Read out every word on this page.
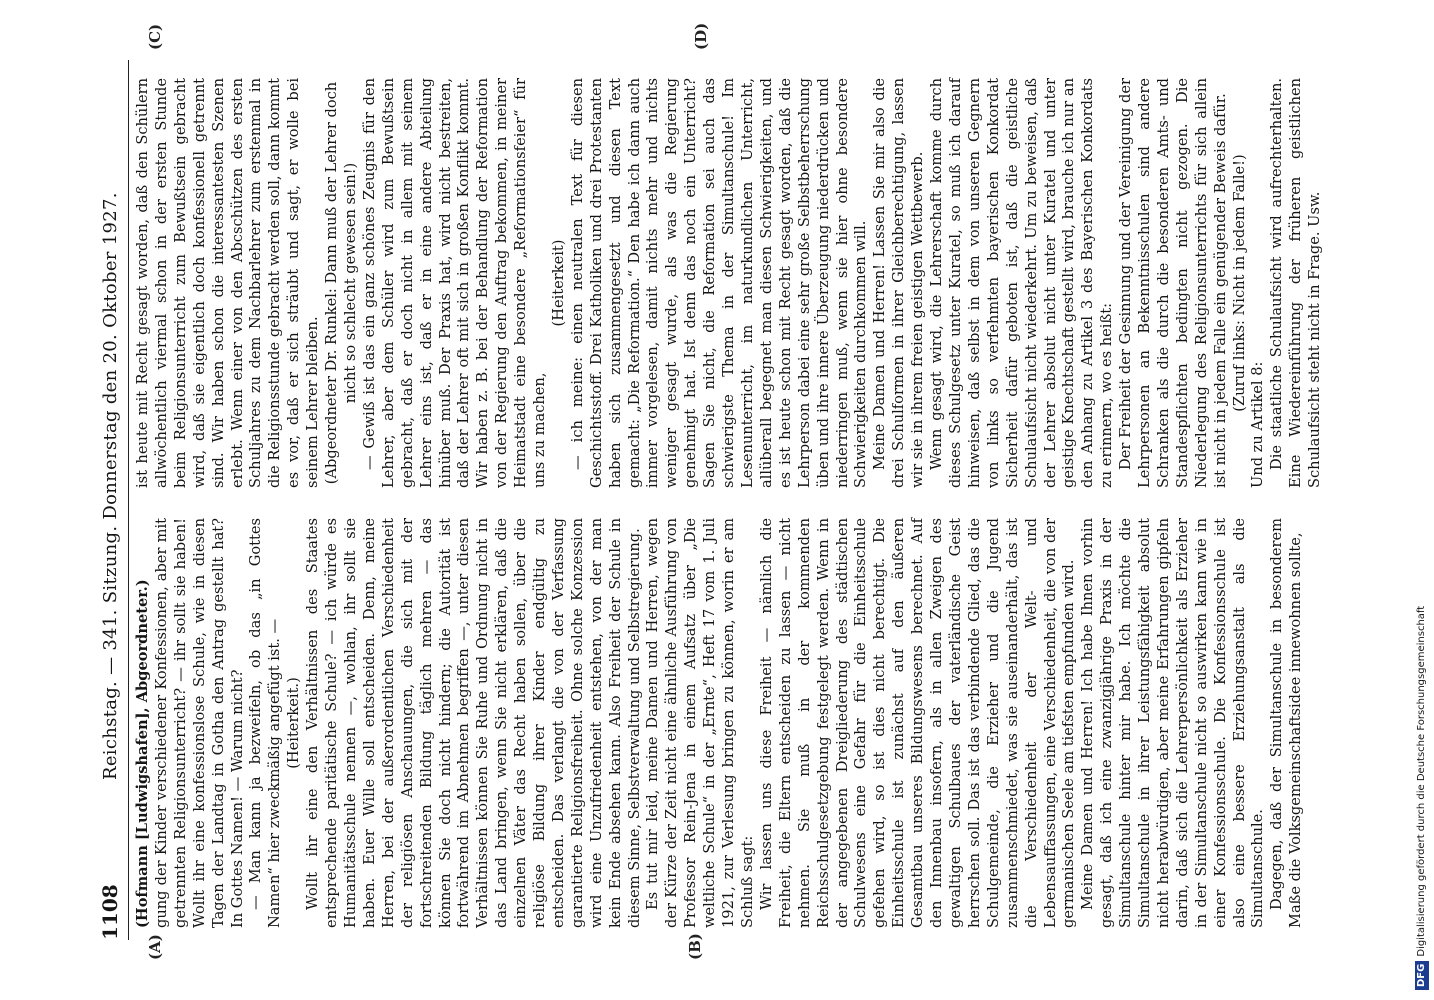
1108
Reichstag. — 341. Sitzung. Donnerstag den 20. Oktober 1927.
(A)	(B)
(C)	(D)

(Hofmann [Ludwigshafen], Abgeordneter.) gung der Kinder verschiedener Konfessionen, aber mit getrennten Religionsunterricht? — ihr sollt sie haben! Wollt ihr eine konfessionslose Schule, wie in diesen Tagen der Landtag in Gotha den Antrag gestellt hat? In Gottes Namen! — Warum nicht? — Man kann ja bezweifeln, ob das „in Gottes Namen“ hier zweckmäßig angefügt ist. — (Heiterkeit.) Wollt ihr eine den Verhältnissen des Staates entsprechende paritätische Schule? — ich würde es Humanitätsschule nennen —, wohlan, ihr sollt sie haben. Euer Wille soll entscheiden. Denn, meine Herren, bei der außerordentlichen Verschiedenheit der religiösen Anschauungen, die sich mit der fortschreitenden Bildung täglich mehren — das können Sie doch nicht hindern; die Autorität ist fortwährend im Abnehmen begriffen —, unter diesen Verhältnissen können Sie Ruhe und Ordnung nicht in das Land bringen, wenn Sie nicht erklären, daß die einzelnen Väter das Recht haben sollen, über die religiöse Bildung ihrer Kinder endgültig zu entscheiden. Das verlangt die von der Verfassung garantierte Religionsfreiheit. Ohne solche Konzession wird eine Unzufriedenheit entstehen, von der man kein Ende absehen kann. Also Freiheit der Schule in diesem Sinne, Selbstverwaltung und Selbstregierung. Es tut mir leid, meine Damen und Herren, wegen der Kürze der Zeit nicht eine ähnliche Ausführung von Professor Rein-Jena in einem Aufsatz über „Die weltliche Schule“ in der „Ernte“, Heft 17 vom 1. Juli 1921, zur Verlesung bringen zu können, worin er am Schluß sagt: Wir lassen uns diese Freiheit — nämlich die Freiheit, die Eltern entscheiden zu lassen — nicht nehmen. Sie muß in der kommenden Reichsschulgesetzgebung festgelegt werden. Wenn in der angegebenen Dreigliederung des städtischen Schulwesens eine Gefahr für die Einheitsschule gefehen wird, so ist dies nicht berechtigt. Die Einheitsschule ist zunächst auf den äußeren Gesamtbau unseres Bildungswesens berechnet. Auf den Innenbau insofern, als in allen Zweigen des gewaltigen Schulbaues der vaterländische Geist herrschen soll. Das ist das verbindende Glied, das die Schulgemeinde, die Erzieher und die Jugend zusammenschmiedet, was sie auseinanderhält, das ist die Verschiedenheit der Welt- und Lebensauffassungen, eine Verschiedenheit, die von der germanischen Seele am tiefsten empfunden wird. Meine Damen und Herren! Ich habe Ihnen vorhin gesagt, daß ich eine zwanzigjährige Praxis in der Simultanschule hinter mir habe. Ich möchte die Simultanschule in ihrer Leistungsfähigkeit absolut nicht herabwürdigen, aber meine Erfahrungen gipfeln darin, daß sich die Lehrerpersönlichkeit als Erzieher in der Simultanschule nicht so auswirken kann wie in einer Konfessionsschule. Die Konfessionsschule ist also eine bessere Erziehungsanstalt als die Simultanschule. Dagegen, daß der Simultanschule in besonderem Maße die Volksgemeinschaftsidee innewohnen sollte,

ist heute mit Recht gesagt worden, daß den Schülern allwöchentlich viermal schon in der ersten Stunde beim Religionsunterricht zum Bewußtsein gebracht wird, daß sie eigentlich doch konfessionell getrennt sind. Wir haben schon die interessantesten Szenen erlebt. Wenn einer von den Abcschützen des ersten Schuljahres zu dem Nachbarlehrer zum erstenmal in die Religionsstunde gebracht werden soll, dann kommt es vor, daß er sich sträubt und sagt, er wolle bei seinem Lehrer bleiben. (Abgeordneter Dr. Runkel: Dann muß der Lehrer doch nicht so schlecht gewesen sein!) — Gewiß ist das ein ganz schönes Zeugnis für den Lehrer, aber dem Schüler wird zum Bewußtsein gebracht, daß er doch nicht in allem mit seinem Lehrer eins ist, daß er in eine andere Abteilung hinüber muß. Der Praxis hat, wird nicht bestreiten, daß der Lehrer oft mit sich in großen Konflikt kommt. Wir haben z. B. bei der Behandlung der Reformation von der Regierung den Auftrag bekommen, in meiner Heimatstadt eine besondere „Reformationsfeier“ für uns zu machen,

(Heiterkeit) — ich meine: einen neutralen Text für diesen Geschichtsstoff. Drei Katholiken und drei Protestanten haben sich zusammengesetzt und diesen Text gemacht: „Die Reformation.“ Den habe ich dann auch immer vorgelesen, damit nichts mehr und nichts weniger gesagt wurde, als was die Regierung genehmigt hat. Ist denn das noch ein Unterricht? Sagen Sie nicht, die Reformation sei auch das schwierigste Thema in der Simultanschule! Im Lesenunterricht, im naturkundlichen Unterricht, allüberall begegnet man diesen Schwierigkeiten, und es ist heute schon mit Recht gesagt worden, daß die Lehrperson dabei eine sehr große Selbstbeherrschung üben und ihre innere Überzeugung niederdrücken und niederringen muß, wenn sie hier ohne besondere Schwierigkeiten durchkommen will. Meine Damen und Herren! Lassen Sie mir also die drei Schulformen in ihrer Gleichberechtigung, lassen wir sie in ihrem freien geistigen Wettbewerb. Wenn gesagt wird, die Lehrerschaft komme durch dieses Schulgesetz unter Kuratel, so muß ich darauf hinweisen, daß selbst in dem von unseren Gegnern von links so verfehmten bayerischen Konkordat Sicherheit dafür geboten ist, daß die geistliche Schulaufsicht nicht wiederkehrt. Um zu beweisen, daß der Lehrer absolut nicht unter Kuratel und unter geistige Knechtschaft gestellt wird, brauche ich nur an den Anhang zu Artikel 3 des Bayerischen Konkordats zu erinnern, wo es heißt: Der Freiheit der Gesinnung und der Vereinigung der Lehrpersonen an Bekenntnisschulen sind andere Schranken als die durch die besonderen Amts- und Standespflichten bedingten nicht gezogen. Die Niederlegung des Religionsunterrichts für sich allein ist nicht in jedem Falle ein genügender Beweis dafür. (Zuruf links: Nicht in jedem Falle!)

Und zu Artikel 8: Die staatliche Schulaufsicht wird aufrechterhalten. Eine Wiedereinführung der früheren geistlichen Schulaufsicht steht nicht in Frage. Usw.

DFGDigitalisierung gefördert durch die Deutsche Forschungsgemeinschaft
